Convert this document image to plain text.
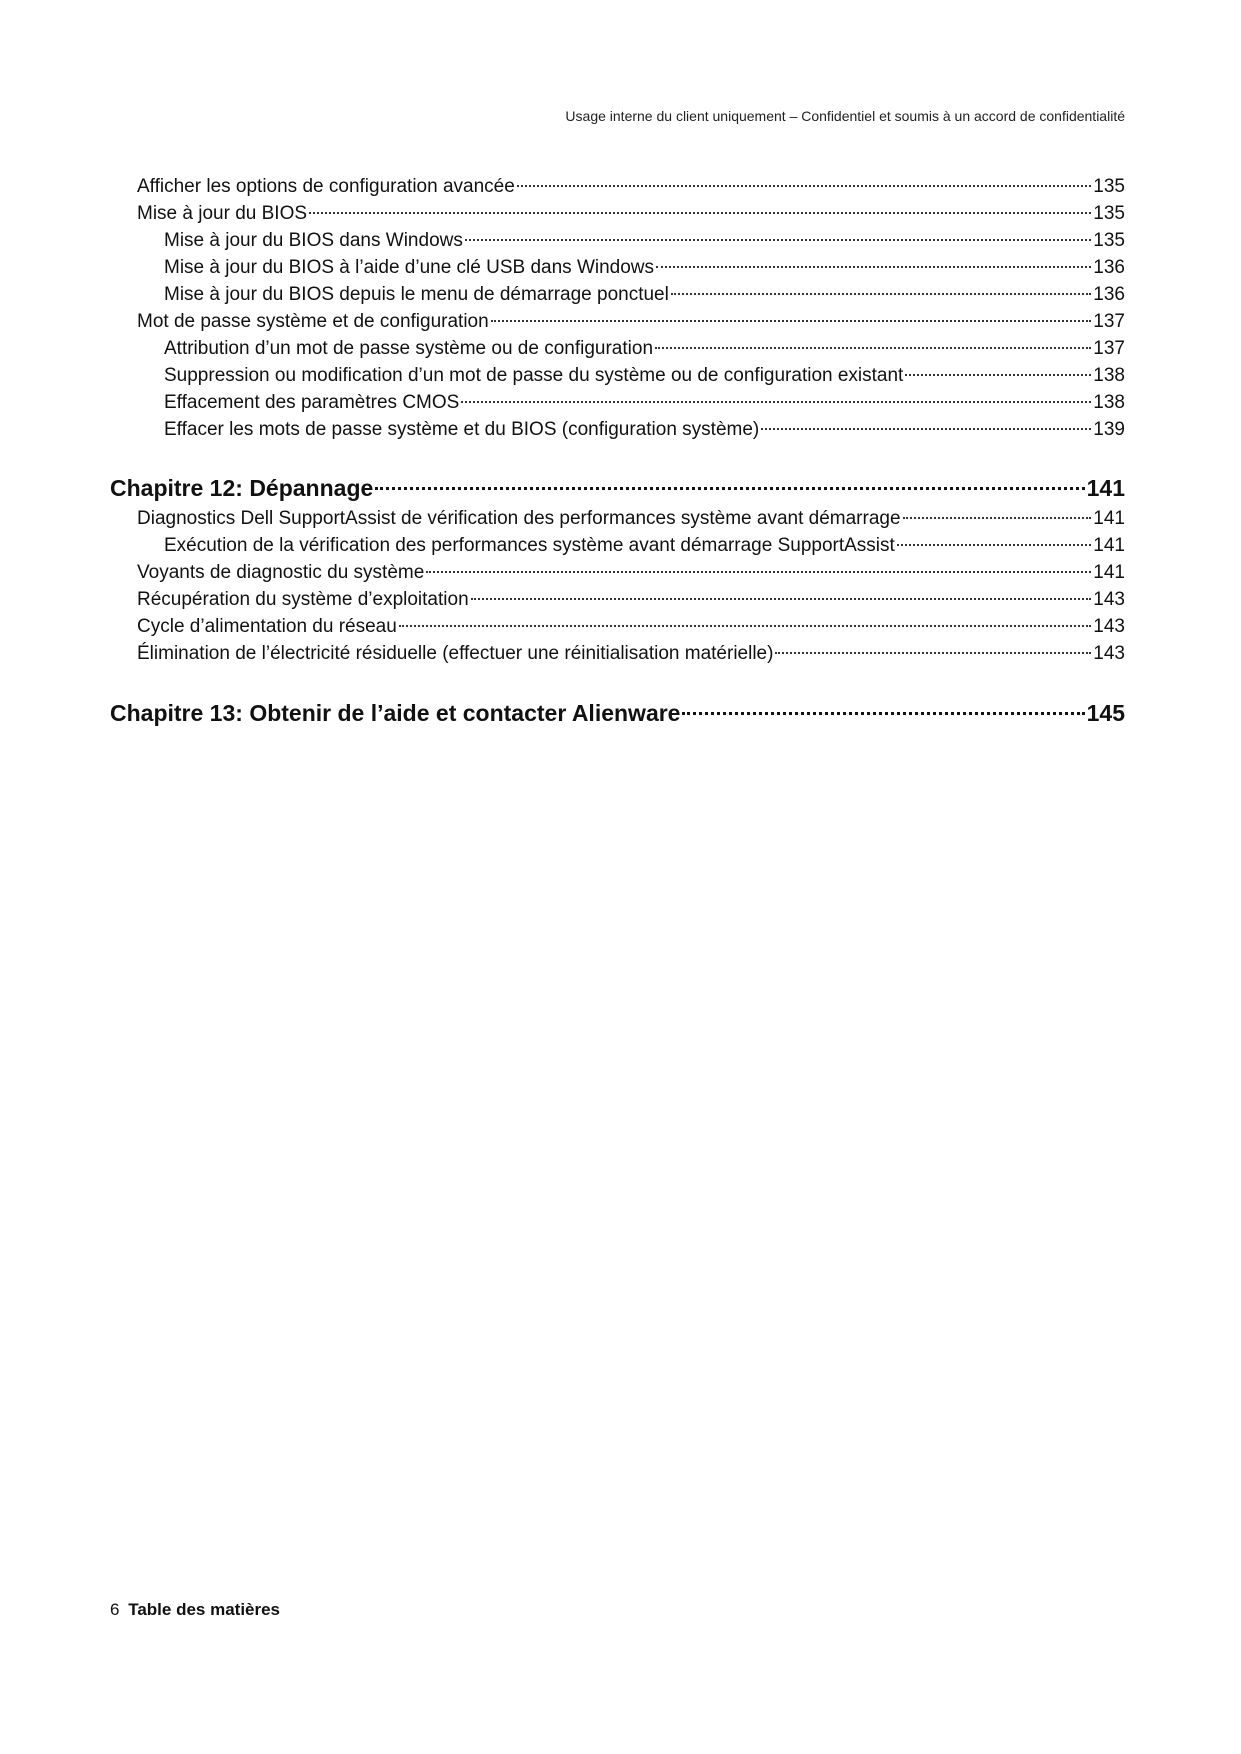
Usage interne du client uniquement – Confidentiel et soumis à un accord de confidentialité
Afficher les options de configuration avancée	135
Mise à jour du BIOS	135
Mise à jour du BIOS dans Windows	135
Mise à jour du BIOS à l’aide d’une clé USB dans Windows	136
Mise à jour du BIOS depuis le menu de démarrage ponctuel	136
Mot de passe système et de configuration	137
Attribution d’un mot de passe système ou de configuration	137
Suppression ou modification d’un mot de passe du système ou de configuration existant	138
Effacement des paramètres CMOS	138
Effacer les mots de passe système et du BIOS (configuration système)	139
Chapitre 12: Dépannage	141
Diagnostics Dell SupportAssist de vérification des performances système avant démarrage	141
Exécution de la vérification des performances système avant démarrage SupportAssist	141
Voyants de diagnostic du système	141
Récupération du système d’exploitation	143
Cycle d’alimentation du réseau	143
Élimination de l’électricité résiduelle (effectuer une réinitialisation matérielle)	143
Chapitre 13: Obtenir de l’aide et contacter Alienware	145
6 Table des matières
